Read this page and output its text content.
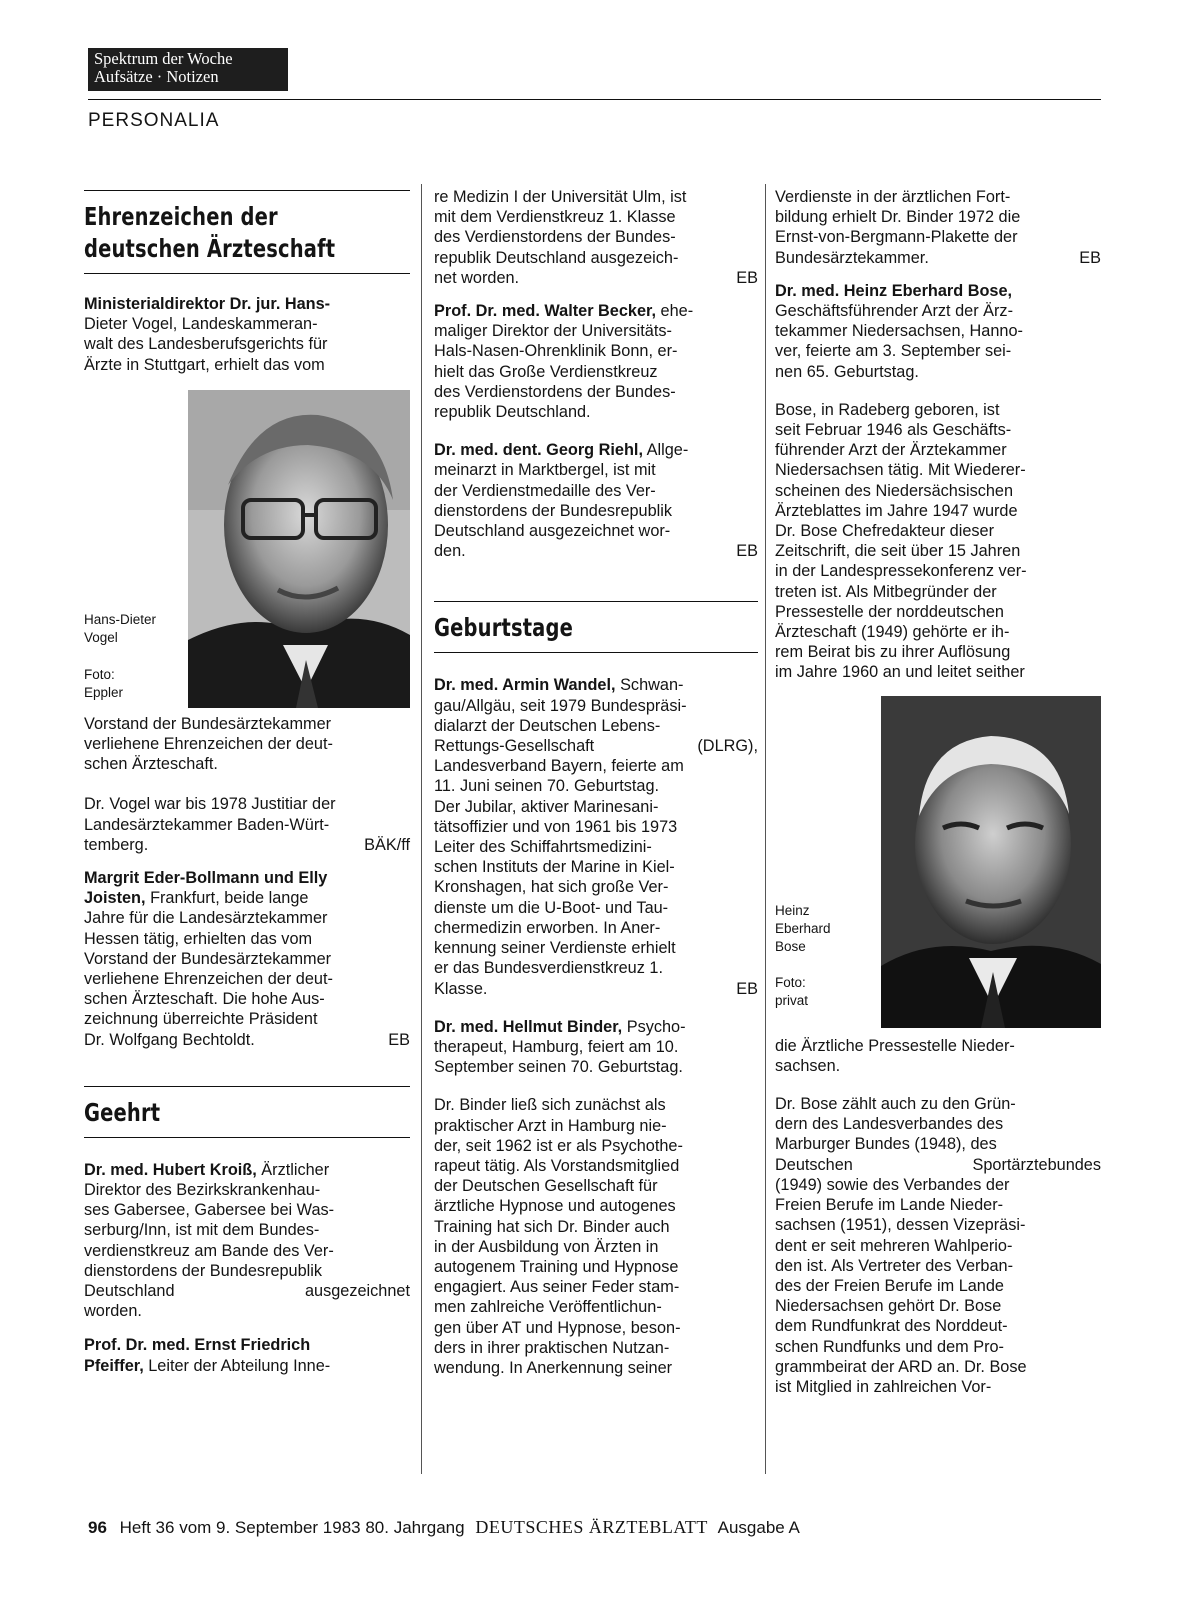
Spektrum der Woche
Aufsätze · Notizen
PERSONALIA
Ehrenzeichen der
deutschen Ärzteschaft
Ministerialdirektor Dr. jur. Hans-
Dieter Vogel, Landeskammeran-
walt des Landesberufsgerichts für
Ärzte in Stuttgart, erhielt das vom
Hans-Dieter
Vogel
Foto:
Eppler
Vorstand der Bundesärztekammer
verliehene Ehrenzeichen der deut-
schen Ärzteschaft.
Dr. Vogel war bis 1978 Justitiar der
Landesärztekammer Baden-Würt-
temberg.	BÄK/ff
Margrit Eder-Bollmann und Elly
Joisten, Frankfurt, beide lange
Jahre für die Landesärztekammer
Hessen tätig, erhielten das vom
Vorstand der Bundesärztekammer
verliehene Ehrenzeichen der deut-
schen Ärzteschaft. Die hohe Aus-
zeichnung überreichte Präsident
Dr. Wolfgang Bechtoldt.	EB
Geehrt
Dr. med. Hubert Kroiß, Ärztlicher
Direktor des Bezirkskrankenhau-
ses Gabersee, Gabersee bei Was-
serburg/Inn, ist mit dem Bundes-
verdienstkreuz am Bande des Ver-
dienstordens der Bundesrepublik
Deutschland	ausgezeichnet
worden.
Prof. Dr. med. Ernst Friedrich
Pfeiffer, Leiter der Abteilung Inne-
re Medizin I der Universität Ulm, ist
mit dem Verdienstkreuz 1. Klasse
des Verdienstordens der Bundes-
republik Deutschland ausgezeich-
net worden.	EB
Prof. Dr. med. Walter Becker, ehe-
maliger Direktor der Universitäts-
Hals-Nasen-Ohrenklinik Bonn, er-
hielt das Große Verdienstkreuz
des Verdienstordens der Bundes-
republik Deutschland.
Dr. med. dent. Georg Riehl, Allge-
meinarzt in Marktbergel, ist mit
der Verdienstmedaille des Ver-
dienstordens der Bundesrepublik
Deutschland ausgezeichnet wor-
den.	EB
Geburtstage
Dr. med. Armin Wandel, Schwan-
gau/Allgäu, seit 1979 Bundespräsi-
dialarzt der Deutschen Lebens-
Rettungs-Gesellschaft	(DLRG),
Landesverband Bayern, feierte am
11. Juni seinen 70. Geburtstag.
Der Jubilar, aktiver Marinesani-
tätsoffizier und von 1961 bis 1973
Leiter des Schiffahrtsmedizini-
schen Instituts der Marine in Kiel-
Kronshagen, hat sich große Ver-
dienste um die U-Boot- und Tau-
chermedizin erworben. In Aner-
kennung seiner Verdienste erhielt
er das Bundesverdienstkreuz 1.
Klasse.	EB
Dr. med. Hellmut Binder, Psycho-
therapeut, Hamburg, feiert am 10.
September seinen 70. Geburtstag.
Dr. Binder ließ sich zunächst als
praktischer Arzt in Hamburg nie-
der, seit 1962 ist er als Psychothe-
rapeut tätig. Als Vorstandsmitglied
der Deutschen Gesellschaft für
ärztliche Hypnose und autogenes
Training hat sich Dr. Binder auch
in der Ausbildung von Ärzten in
autogenem Training und Hypnose
engagiert. Aus seiner Feder stam-
men zahlreiche Veröffentlichun-
gen über AT und Hypnose, beson-
ders in ihrer praktischen Nutzan-
wendung. In Anerkennung seiner
Verdienste in der ärztlichen Fort-
bildung erhielt Dr. Binder 1972 die
Ernst-von-Bergmann-Plakette der
Bundesärztekammer.	EB
Dr. med. Heinz Eberhard Bose,
Geschäftsführender Arzt der Ärz-
tekammer Niedersachsen, Hanno-
ver, feierte am 3. September sei-
nen 65. Geburtstag.
Bose, in Radeberg geboren, ist
seit Februar 1946 als Geschäfts-
führender Arzt der Ärztekammer
Niedersachsen tätig. Mit Wiederer-
scheinen des Niedersächsischen
Ärzteblattes im Jahre 1947 wurde
Dr. Bose Chefredakteur dieser
Zeitschrift, die seit über 15 Jahren
in der Landespressekonferenz ver-
treten ist. Als Mitbegründer der
Pressestelle der norddeutschen
Ärzteschaft (1949) gehörte er ih-
rem Beirat bis zu ihrer Auflösung
im Jahre 1960 an und leitet seither
Heinz
Eberhard
Bose
Foto:
privat
die Ärztliche Pressestelle Nieder-
sachsen.
Dr. Bose zählt auch zu den Grün-
dern des Landesverbandes des
Marburger Bundes (1948), des
Deutschen	Sportärztebundes
(1949) sowie des Verbandes der
Freien Berufe im Lande Nieder-
sachsen (1951), dessen Vizepräsi-
dent er seit mehreren Wahlperio-
den ist. Als Vertreter des Verban-
des der Freien Berufe im Lande
Niedersachsen gehört Dr. Bose
dem Rundfunkrat des Norddeut-
schen Rundfunks und dem Pro-
grammbeirat der ARD an. Dr. Bose
ist Mitglied in zahlreichen Vor-
96 Heft 36 vom 9. September 1983 80. Jahrgang DEUTSCHES ÄRZTEBLATT Ausgabe A
